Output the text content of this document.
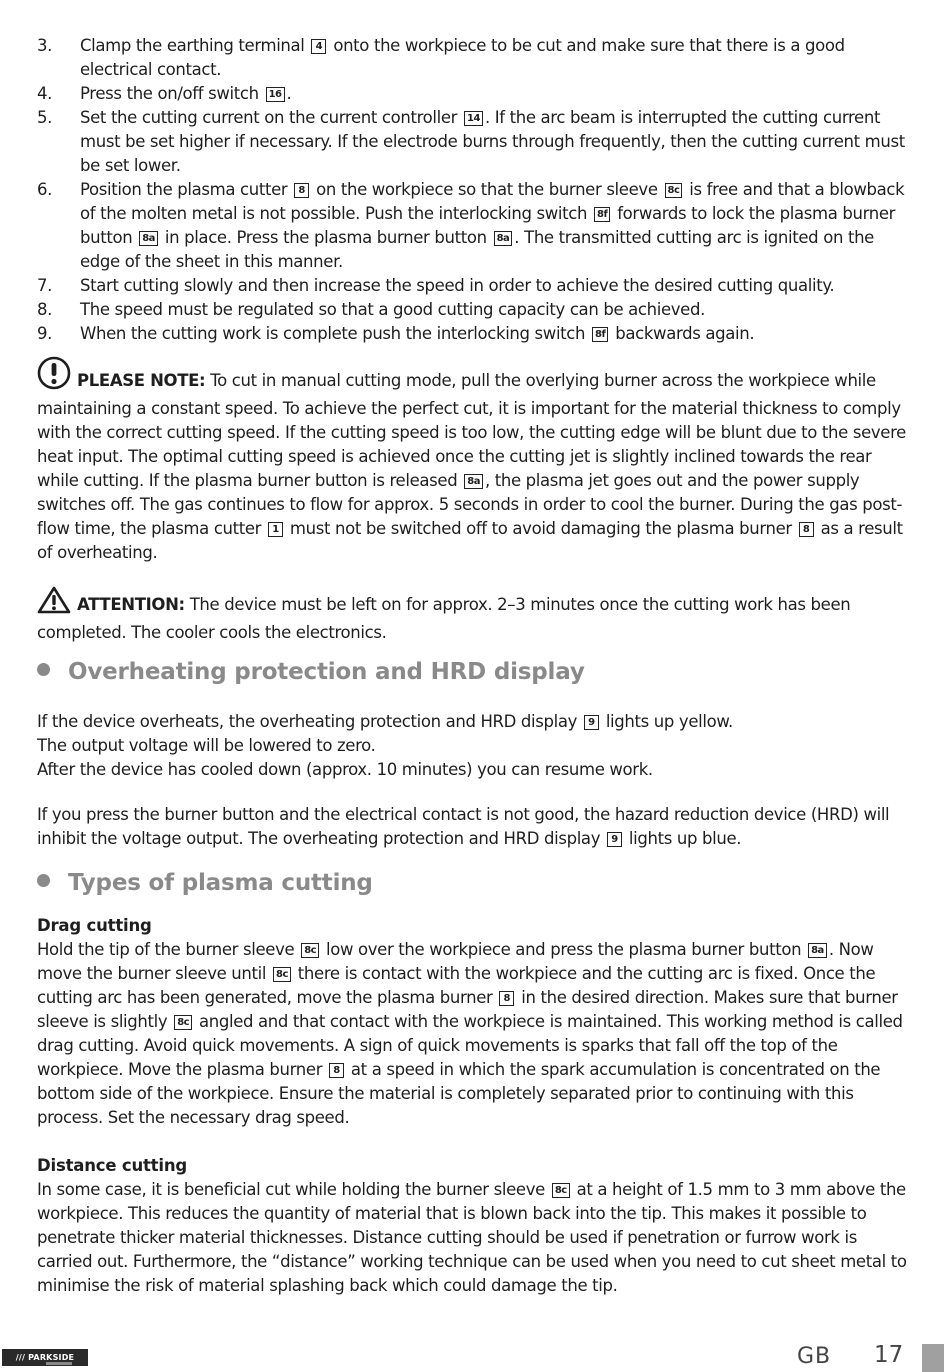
3. Clamp the earthing terminal 4 onto the workpiece to be cut and make sure that there is a good electrical contact.
4. Press the on/off switch 16 .
5. Set the cutting current on the current controller 14 . If the arc beam is interrupted the cutting current must be set higher if necessary. If the electrode burns through frequently, then the cutting current must be set lower.
6. Position the plasma cutter 8 on the workpiece so that the burner sleeve 8c is free and that a blowback of the molten metal is not possible. Push the interlocking switch 8f forwards to lock the plasma burner button 8a in place. Press the plasma burner button 8a . The transmitted cutting arc is ignited on the edge of the sheet in this manner.
7. Start cutting slowly and then increase the speed in order to achieve the desired cutting quality.
8. The speed must be regulated so that a good cutting capacity can be achieved.
9. When the cutting work is complete push the interlocking switch 8f backwards again.

PLEASE NOTE: To cut in manual cutting mode, pull the overlying burner across the workpiece while maintaining a constant speed. To achieve the perfect cut, it is important for the material thickness to comply with the correct cutting speed. If the cutting speed is too low, the cutting edge will be blunt due to the severe heat input. The optimal cutting speed is achieved once the cutting jet is slightly inclined towards the rear while cutting. If the plasma burner button is released 8a , the plasma jet goes out and the power supply switches off. The gas continues to flow for approx. 5 seconds in order to cool the burner. During the gas post-flow time, the plasma cutter 1 must not be switched off to avoid damaging the plasma burner 8 as a result of overheating.

ATTENTION: The device must be left on for approx. 2–3 minutes once the cutting work has been completed. The cooler cools the electronics.

Overheating protection and HRD display

If the device overheats, the overheating protection and HRD display 9 lights up yellow.

The output voltage will be lowered to zero.

After the device has cooled down (approx. 10 minutes) you can resume work.

If you press the burner button and the electrical contact is not good, the hazard reduction device (HRD) will inhibit the voltage output. The overheating protection and HRD display 9 lights up blue.

Types of plasma cutting
Drag cutting

Hold the tip of the burner sleeve 8c low over the workpiece and press the plasma burner button 8a . Now move the burner sleeve until 8c there is contact with the workpiece and the cutting arc is fixed. Once the cutting arc has been generated, move the plasma burner 8 in the desired direction. Makes sure that burner sleeve is slightly 8c angled and that contact with the workpiece is maintained. This working method is called drag cutting. Avoid quick movements. A sign of quick movements is sparks that fall off the top of the workpiece. Move the plasma burner 8 at a speed in which the spark accumulation is concentrated on the bottom side of the workpiece. Ensure the material is completely separated prior to continuing with this process. Set the necessary drag speed.

Distance cutting

In some case, it is beneficial cut while holding the burner sleeve 8c at a height of 1.5 mm to 3 mm above the workpiece. This reduces the quantity of material that is blown back into the tip. This makes it possible to penetrate thicker material thicknesses. Distance cutting should be used if penetration or furrow work is carried out. Furthermore, the “distance” working technique can be used when you need to cut sheet metal to minimise the risk of material splashing back which could damage the tip.

/// PARKSIDE	GB 17
